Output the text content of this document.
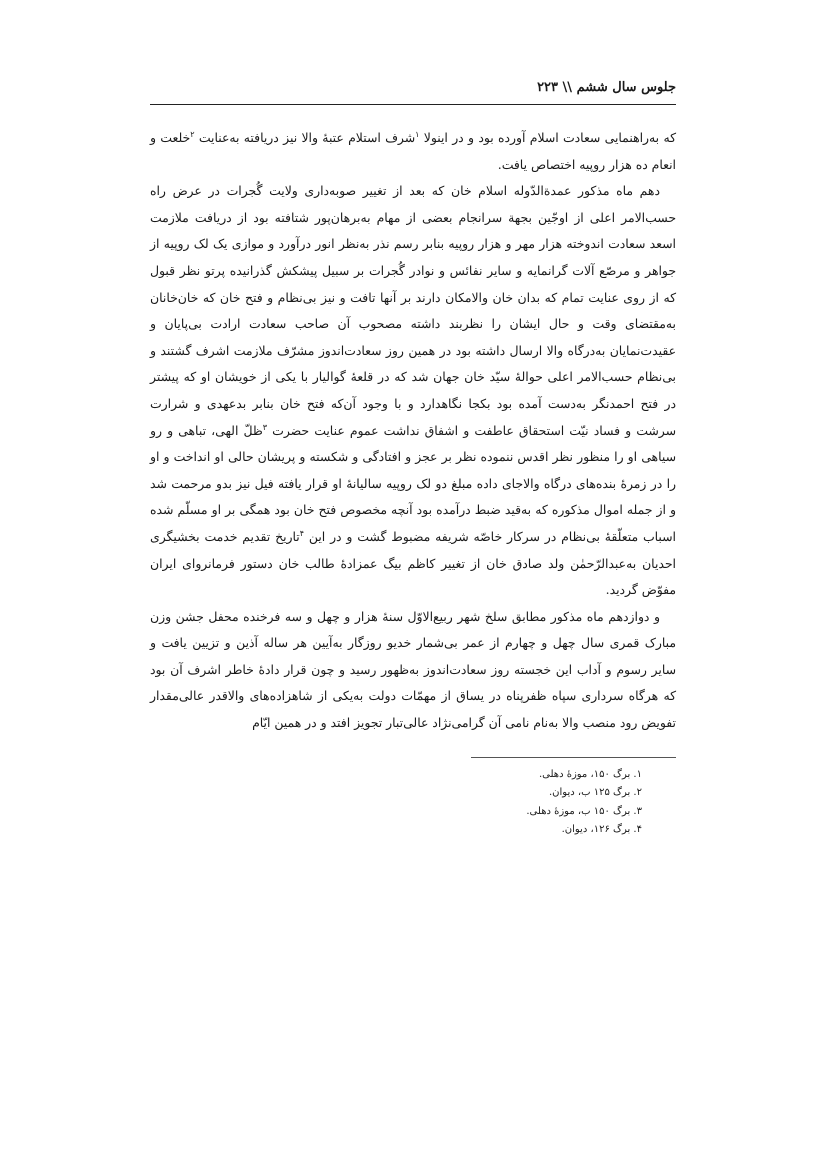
جلوس سال ششم \\ ۲۲۳

که به‌راهنمایی سعادت اسلام آورده بود و در اینولا $^۱$شرف استلام عتبهٔ والا نیز دریافته به‌عنایت $^۲$خلعت و انعام ده هزار روپیه اختصاص یافت.

دهم ماه مذکور عمدةالدّوله اسلام خان که بعد از تغییر صوبه‌داری ولایت گُجرات در عرض راه حسب‌الامر اعلی از اوجّین بجهة سرانجام بعضی از مهام به‌برهان‌پور شتافته بود از دریافت ملازمت اسعد سعادت اندوخته هزار مهر و هزار روپیه بنابر رسم نذر به‌نظر انور درآورد و موازی یک لک روپیه از جواهر و مرصّع آلات گرانمایه و سایر نفائس و نوادر گُجرات بر سبیل پیشکش گذرانیده پرتو نظر قبول که از روی عنایت تمام که بدان خان والامکان دارند بر آنها تافت و نیز بی‌نظام و فتح خان که خان‌خانان به‌مقتضای وقت و حال ایشان را نظربند داشته مصحوب آن صاحب سعادت ارادت بی‌پایان و عقیدت‌نمایان به‌درگاه والا ارسال داشته بود در همین روز سعادت‌اندوز مشرّف ملازمت اشرف گشتند و بی‌نظام حسب‌الامر اعلی حوالهٔ سیّد خان جهان شد که در قلعهٔ گوالیار با یکی از خویشان او که پیشتر در فتح احمدنگر به‌دست آمده بود بکجا نگاهدارد و با وجود آن‌که فتح خان بنابر بدعهدی و شرارت سرشت و فساد نیّت استحقاق عاطفت و اشفاق نداشت عموم عنایت حضرت $^۳$ظلّ الهی، تباهی و رو سیاهی او را منظور نظر اقدس ننموده نظر بر عجز و افتادگی و شکسته و پریشان حالی او انداخت و او را در زمرهٔ بنده‌های درگاه والاجای داده مبلغ دو لک روپیه سالیانهٔ او قرار یافته فیل نیز بدو مرحمت شد و از جمله اموال مذکوره که به‌قید ضبط درآمده بود آنچه مخصوص فتح خان بود همگی بر او مسلّم شده اسباب متعلّقهٔ بی‌نظام در سرکار خاصّه شریفه مضبوط گشت و در این $^۴$تاریخ تقدیم خدمت بخشیگری احدیان به‌عبدالرّحمٰن ولد صادق خان از تغییر کاظم بیگ عمزادهٔ طالب خان دستور فرمانروای ایران مفوّض گردید.

و دوازدهم ماه مذکور مطابق سلخ شهر ربیع‌الاوّل سنهٔ هزار و چهل و سه فرخنده محفل جشن وزن مبارک قمری سال چهل و چهارم از عمر بی‌شمار خدیو روزگار به‌آیین هر ساله آذین و تزیین یافت و سایر رسوم و آداب این خجسته روز سعادت‌اندوز به‌ظهور رسید و چون قرار دادهٔ خاطر اشرف آن بود که هرگاه سرداری سپاه ظفرپناه در یساق از مهمّات دولت به‌یکی از شاهزاده‌های والاقدر عالی‌مقدار تفویض رود منصب والا به‌نام نامی آن گرامی‌نژاد عالی‌تبار تجویز افتد و در همین ایّام

۱. برگ ۱۵۰، موزهٔ دهلی.
۲. برگ ۱۲۵ ب، دیوان.
۳. برگ ۱۵۰ ب، موزهٔ دهلی.
۴. برگ ۱۲۶، دیوان.
